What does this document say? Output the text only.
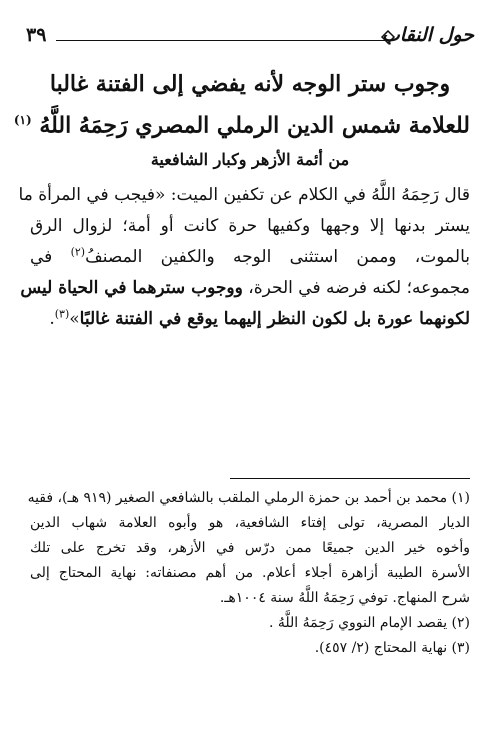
حول النقاب
٣٩
وجوب ستر الوجه لأنه يفضي إلى الفتنة غالبا
للعلامة شمس الدين الرملي المصري رَحِمَهُ اللَّهُ $^{(١)}$
من أئمة الأزهر وكبار الشافعية
قال رَحِمَهُ اللَّهُ في الكلام عن تكفين الميت: «فيجب في المرأة ما
يستر بدنها إلا وجهها وكفيها حرة كانت أو أمة؛ لزوال الرق
بالموت، وممن استثنى الوجه والكفين المصنفُ$^{(٢)}$ في
مجموعه؛ لكنه فرضه في الحرة، ووجوب سترهما في الحياة ليس
لكونهما عورة بل لكون النظر إليهما يوقع في الفتنة غالبًا»$^{(٣)}$.
(١) محمد بن أحمد بن حمزة الرملي الملقب بالشافعي الصغير (٩١٩ هـ)، فقيه
الديار المصرية، تولى إفتاء الشافعية، هو وأبوه العلامة شهاب الدين
وأخوه خير الدين جميعًا ممن درّس في الأزهر، وقد تخرج على تلك
الأسرة الطيبة أزاهرة أجلاء أعلام. من أهم مصنفاته: نهاية المحتاج إلى
شرح المنهاج. توفي رَحِمَهُ اللَّهُ سنة ١٠٠٤هـ.
(٢) يقصد الإمام النووي رَحِمَهُ اللَّهُ .
(٣) نهاية المحتاج (٢/ ٤٥٧).
